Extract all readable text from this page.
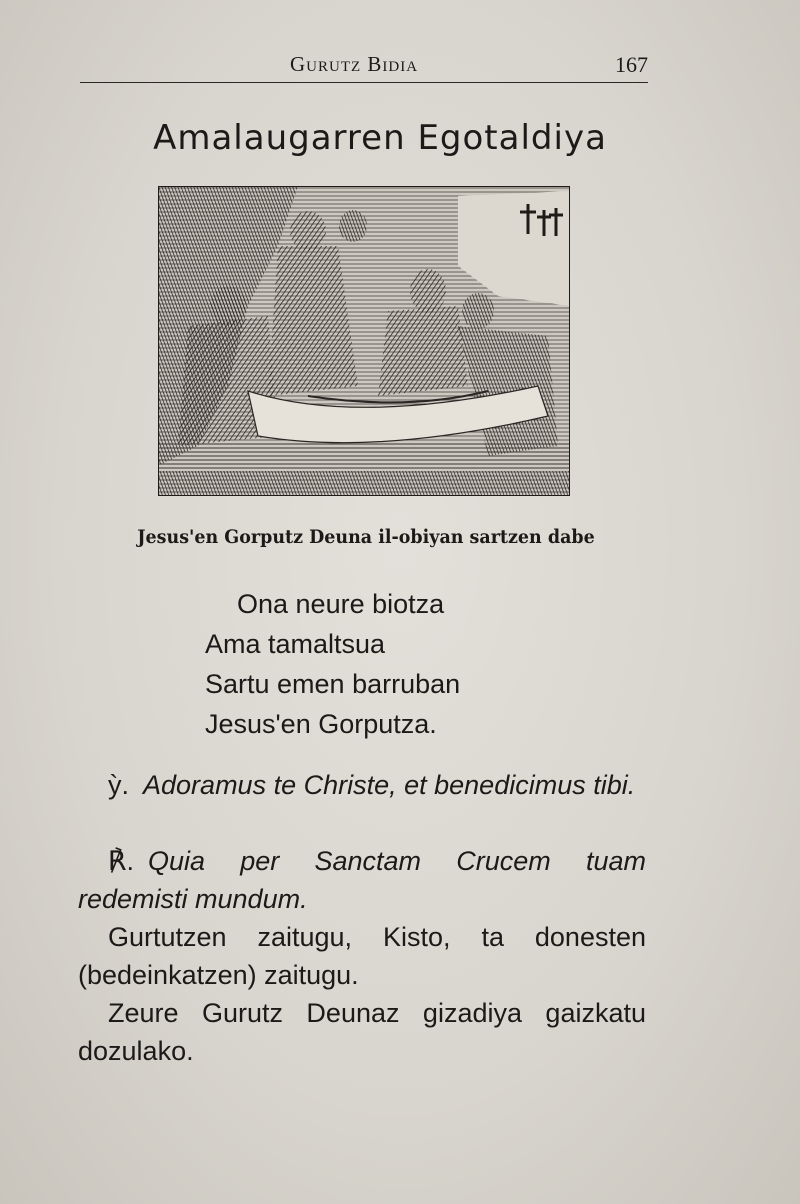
Gurutz Bidia	167
Amalaugarren Egotaldiya
Jesus'en Gorputz Deuna il-obiyan sartzen dabe
Ona neure biotza
Ama tamaltsua
Sartu emen barruban
Jesus'en Gorputza.
ỳ. Adoramus te Christe, et benedicimus tibi.
℟. Quia per Sanctam Crucem tuam redemisti mundum.
Gurtutzen zaitugu, Kisto, ta donesten (bedeinkatzen) zaitugu.
Zeure Gurutz Deunaz gizadiya gaizkatu dozulako.
